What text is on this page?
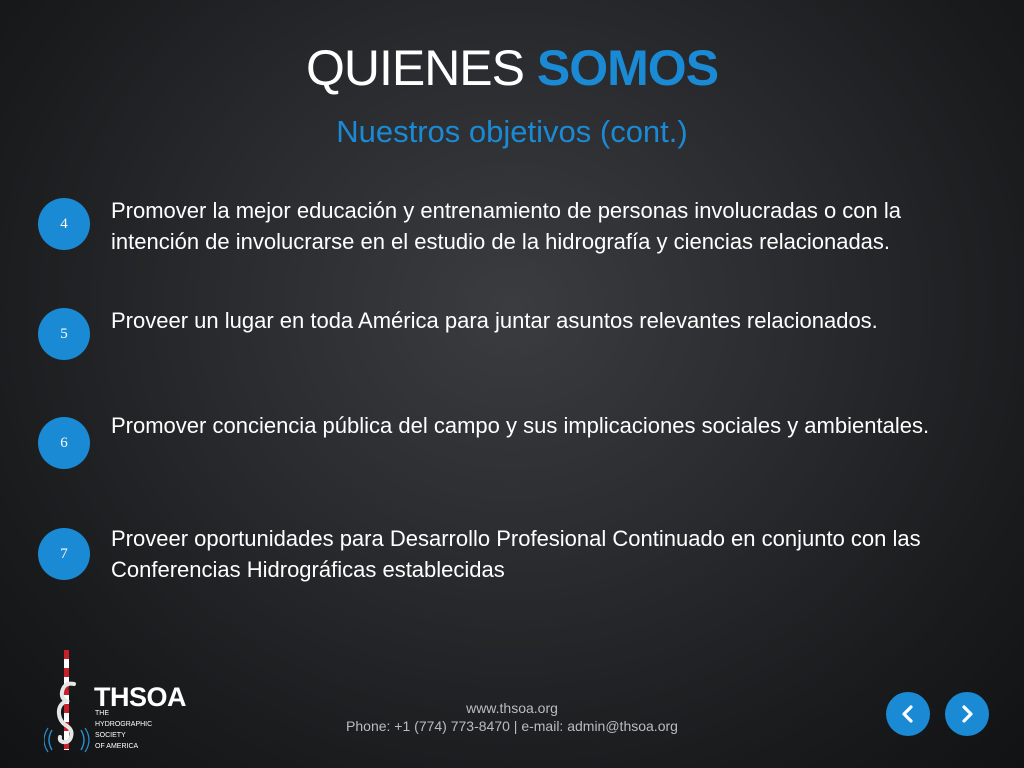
QUIENES SOMOS
Nuestros objetivos (cont.)
4
Promover la mejor educación y entrenamiento de personas involucradas o con la intención de involucrarse en el estudio de la hidrografía y ciencias relacionadas.
5
Proveer un lugar en toda América para juntar asuntos relevantes relacionados.
6
Promover conciencia pública del campo y sus implicaciones sociales y ambientales.
7
Proveer oportunidades para Desarrollo Profesional Continuado en conjunto con las Conferencias Hidrográficas establecidas
THSOA
THE
HYDROGRAPHIC
SOCIETY
OF AMERICA
www.thsoa.org
Phone: +1 (774) 773-8470 | e-mail: admin@thsoa.org
